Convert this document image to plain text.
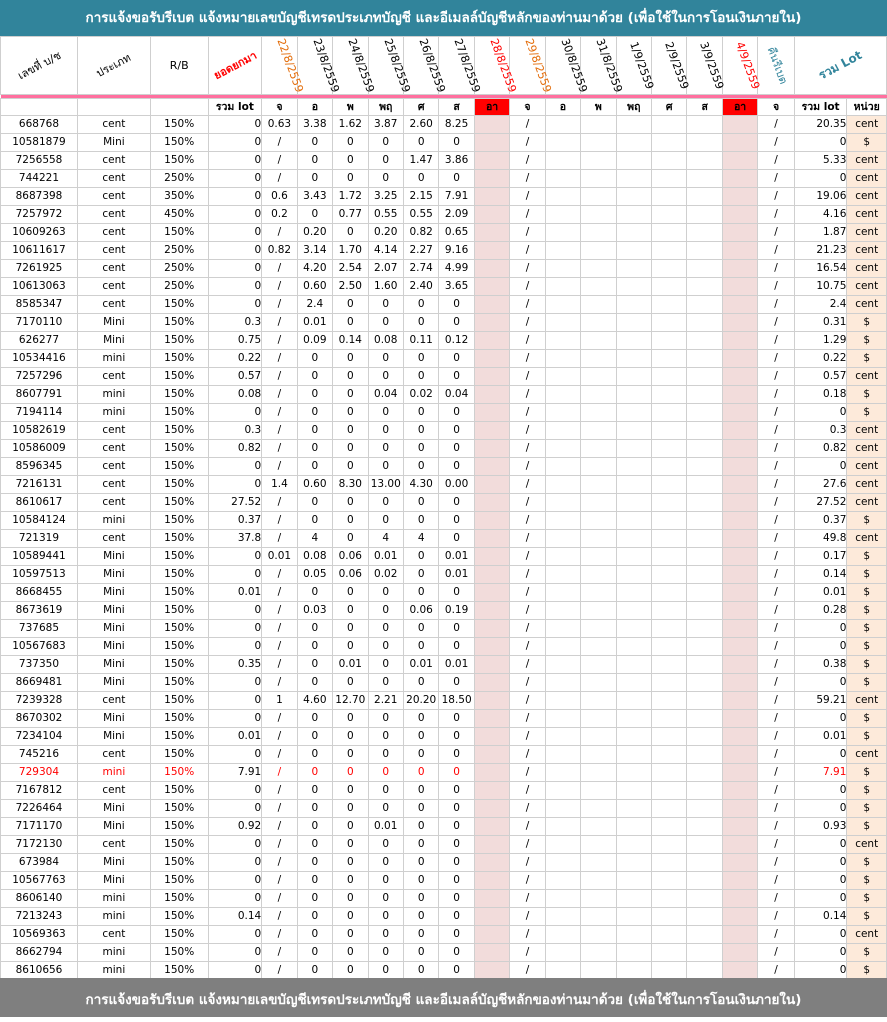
การแจ้งขอรับรีเบต แจ้งหมายเลขบัญชีเทรดประเภทบัญชี และอีเมลล์บัญชีหลักของท่านมาด้วย (เพื่อใช้ในการโอนเงินภายใน)
เลขที่ บ/ช	ประเภท	R/B	ยอดยกมา	22/8/2559	23/8/2559	24/8/2559	25/8/2559	26/8/2559	27/8/2559	28/8/2559	29/8/2559	30/8/2559	31/8/2559	1/9/2559	2/9/2559	3/9/2559	4/9/2559	คืนรีเบต	รวม Lot	

			รวม lot	จ	อ	พ	พฤ	ศ	ส	อา	จ	อ	พ	พฤ	ศ	ส	อา	จ	รวม lot	หน่วย
668768	cent	150%	0	0.63	3.38	1.62	3.87	2.60	8.25		/							/	20.35	cent
10581879	Mini	150%	0	/	0	0	0	0	0		/							/	0	$
7256558	cent	150%	0	/	0	0	0	1.47	3.86		/							/	5.33	cent
744221	cent	250%	0	/	0	0	0	0	0		/							/	0	cent
8687398	cent	350%	0	0.6	3.43	1.72	3.25	2.15	7.91		/							/	19.06	cent
7257972	cent	450%	0	0.2	0	0.77	0.55	0.55	2.09		/							/	4.16	cent
10609263	cent	150%	0	/	0.20	0	0.20	0.82	0.65		/							/	1.87	cent
10611617	cent	250%	0	0.82	3.14	1.70	4.14	2.27	9.16		/							/	21.23	cent
7261925	cent	250%	0	/	4.20	2.54	2.07	2.74	4.99		/							/	16.54	cent
10613063	cent	250%	0	/	0.60	2.50	1.60	2.40	3.65		/							/	10.75	cent
8585347	cent	150%	0	/	2.4	0	0	0	0		/							/	2.4	cent
7170110	Mini	150%	0.3	/	0.01	0	0	0	0		/							/	0.31	$
626277	Mini	150%	0.75	/	0.09	0.14	0.08	0.11	0.12		/							/	1.29	$
10534416	mini	150%	0.22	/	0	0	0	0	0		/							/	0.22	$
7257296	cent	150%	0.57	/	0	0	0	0	0		/							/	0.57	cent
8607791	mini	150%	0.08	/	0	0	0.04	0.02	0.04		/							/	0.18	$
7194114	mini	150%	0	/	0	0	0	0	0		/							/	0	$
10582619	cent	150%	0.3	/	0	0	0	0	0		/							/	0.3	cent
10586009	cent	150%	0.82	/	0	0	0	0	0		/							/	0.82	cent
8596345	cent	150%	0	/	0	0	0	0	0		/							/	0	cent
7216131	cent	150%	0	1.4	0.60	8.30	13.00	4.30	0.00		/							/	27.6	cent
8610617	cent	150%	27.52	/	0	0	0	0	0		/							/	27.52	cent
10584124	mini	150%	0.37	/	0	0	0	0	0		/							/	0.37	$
721319	cent	150%	37.8	/	4	0	4	4	0		/							/	49.8	cent
10589441	Mini	150%	0	0.01	0.08	0.06	0.01	0	0.01		/							/	0.17	$
10597513	Mini	150%	0	/	0.05	0.06	0.02	0	0.01		/							/	0.14	$
8668455	Mini	150%	0.01	/	0	0	0	0	0		/							/	0.01	$
8673619	Mini	150%	0	/	0.03	0	0	0.06	0.19		/							/	0.28	$
737685	Mini	150%	0	/	0	0	0	0	0		/							/	0	$
10567683	Mini	150%	0	/	0	0	0	0	0		/							/	0	$
737350	Mini	150%	0.35	/	0	0.01	0	0.01	0.01		/							/	0.38	$
8669481	Mini	150%	0	/	0	0	0	0	0		/							/	0	$
7239328	cent	150%	0	1	4.60	12.70	2.21	20.20	18.50		/							/	59.21	cent
8670302	Mini	150%	0	/	0	0	0	0	0		/							/	0	$
7234104	Mini	150%	0.01	/	0	0	0	0	0		/							/	0.01	$
745216	cent	150%	0	/	0	0	0	0	0		/							/	0	cent
729304	mini	150%	7.91	/	0	0	0	0	0		/							/	7.91	$
7167812	cent	150%	0	/	0	0	0	0	0		/							/	0	$
7226464	Mini	150%	0	/	0	0	0	0	0		/							/	0	$
7171170	Mini	150%	0.92	/	0	0	0.01	0	0		/							/	0.93	$
7172130	cent	150%	0	/	0	0	0	0	0		/							/	0	cent
673984	Mini	150%	0	/	0	0	0	0	0		/							/	0	$
10567763	Mini	150%	0	/	0	0	0	0	0		/							/	0	$
8606140	mini	150%	0	/	0	0	0	0	0		/							/	0	$
7213243	mini	150%	0.14	/	0	0	0	0	0		/							/	0.14	$
10569363	cent	150%	0	/	0	0	0	0	0		/							/	0	cent
8662794	mini	150%	0	/	0	0	0	0	0		/							/	0	$
8610656	mini	150%	0	/	0	0	0	0	0		/							/	0	$
การแจ้งขอรับรีเบต แจ้งหมายเลขบัญชีเทรดประเภทบัญชี และอีเมลล์บัญชีหลักของท่านมาด้วย (เพื่อใช้ในการโอนเงินภายใน)
